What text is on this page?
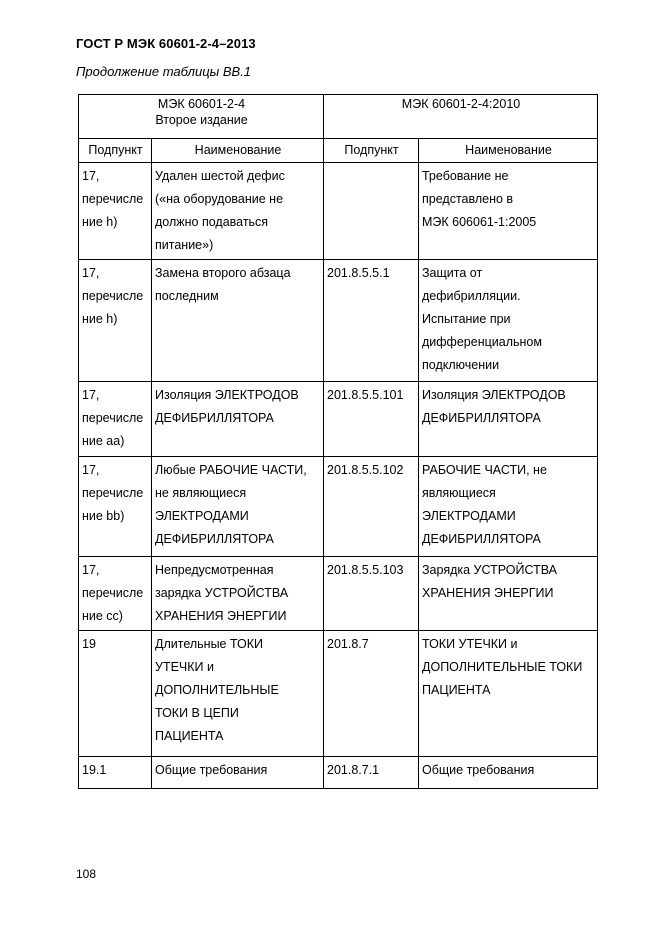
ГОСТ Р МЭК 60601-2-4–2013
Продолжение таблицы ВВ.1
МЭК 60601-2-4
Второе издание		МЭК 60601-2-4:2010	

Подпункт	Наименование	Подпункт	Наименование

17,
перечисле
ние h)	Удален шестой дефис
(«на оборудование не
должно подаваться
питание»)		Требование не
представлено в
МЭК 606061-1:2005

17,
перечисле
ние h)	Замена второго абзаца
последним	201.8.5.5.1	Защита от
дефибрилляции.
Испытание при
дифференциальном
подключении

17,
перечисле
ние аа)	Изоляция ЭЛЕКТРОДОВ
ДЕФИБРИЛЛЯТОРА	201.8.5.5.101	Изоляция ЭЛЕКТРОДОВ
ДЕФИБРИЛЛЯТОРА

17,
перечисле
ние bb)	Любые РАБОЧИЕ ЧАСТИ,
не являющиеся
ЭЛЕКТРОДАМИ
ДЕФИБРИЛЛЯТОРА	201.8.5.5.102	РАБОЧИЕ ЧАСТИ, не
являющиеся
ЭЛЕКТРОДАМИ
ДЕФИБРИЛЛЯТОРА

17,
перечисле
ние cc)	Непредусмотренная
зарядка УСТРОЙСТВА
ХРАНЕНИЯ ЭНЕРГИИ	201.8.5.5.103	Зарядка УСТРОЙСТВА
ХРАНЕНИЯ ЭНЕРГИИ

19	Длительные ТОКИ
УТЕЧКИ и
ДОПОЛНИТЕЛЬНЫЕ
ТОКИ В ЦЕПИ
ПАЦИЕНТА	201.8.7	ТОКИ УТЕЧКИ и
ДОПОЛНИТЕЛЬНЫЕ ТОКИ
ПАЦИЕНТА

19.1	Общие требования	201.8.7.1	Общие требования
108
